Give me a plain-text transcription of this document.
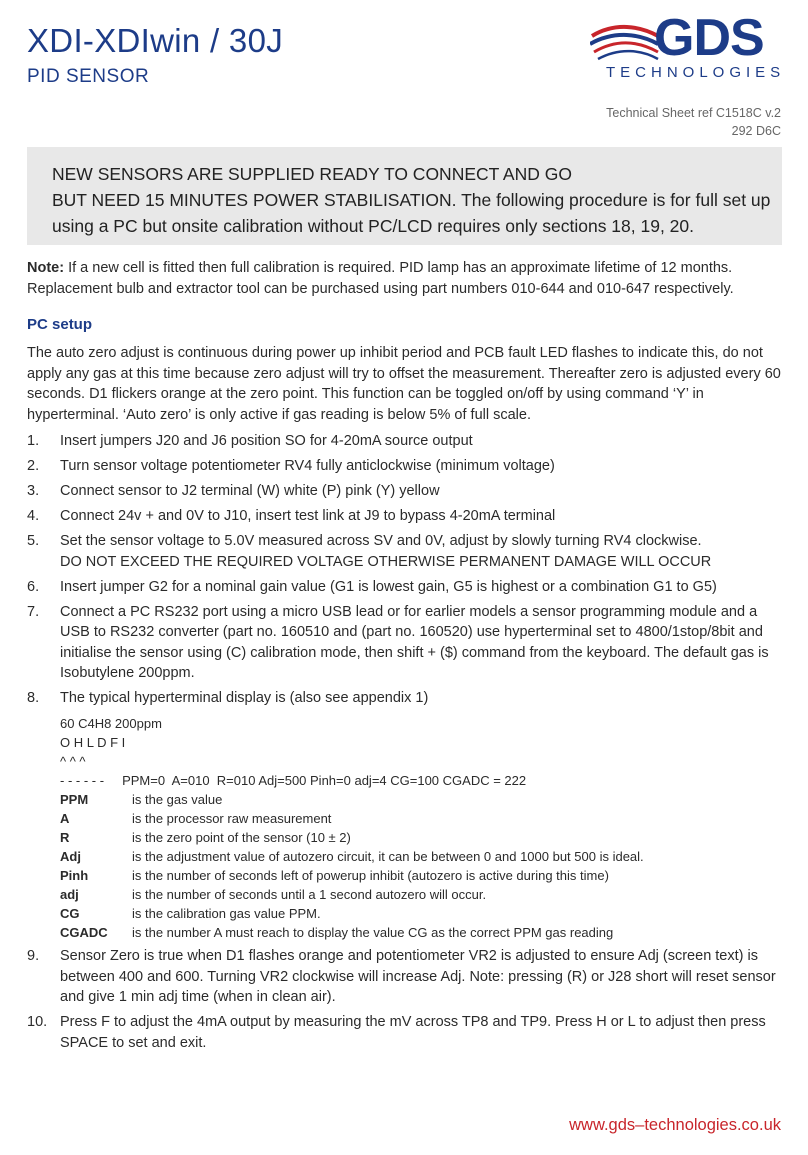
XDI-XDIwin / 30J
PID SENSOR
GDS
TECHNOLOGIES
Technical Sheet ref C1518C v.2
292 D6C
NEW SENSORS ARE SUPPLIED READY TO CONNECT AND GO
BUT NEED 15 MINUTES POWER STABILISATION. The following procedure is for full set up
using a PC but onsite calibration without PC/LCD requires only sections 18, 19, 20.
Note: If a new cell is fitted then full calibration is required. PID lamp has an approximate lifetime of 12 months. Replacement bulb and extractor tool can be purchased using part numbers 010-644 and 010-647 respectively.
PC setup
The auto zero adjust is continuous during power up inhibit period and PCB fault LED flashes to indicate this, do not apply any gas at this time because zero adjust will try to offset the measurement. Thereafter zero is adjusted every 60 seconds. D1 flickers orange at the zero point. This function can be toggled on/off by using command ‘Y’ in hyperterminal. ‘Auto zero’ is only active if gas reading is below 5% of full scale.
1. Insert jumpers J20 and J6 position SO for 4-20mA source output
2. Turn sensor voltage potentiometer RV4 fully anticlockwise (minimum voltage)
3. Connect sensor to J2 terminal (W) white (P) pink (Y) yellow
4. Connect 24v + and 0V to J10, insert test link at J9 to bypass 4-20mA terminal
5. Set the sensor voltage to 5.0V measured across SV and 0V, adjust by slowly turning RV4 clockwise.
DO NOT EXCEED THE REQUIRED VOLTAGE OTHERWISE PERMANENT DAMAGE WILL OCCUR
6. Insert jumper G2 for a nominal gain value (G1 is lowest gain, G5 is highest or a combination G1 to G5)
7. Connect a PC RS232 port using a micro USB lead or for earlier models a sensor programming module and a USB to RS232 converter (part no. 160510 and (part no. 160520) use hyperterminal set to 4800/1stop/8bit and initialise the sensor using (C) calibration mode, then shift + ($) command from the keyboard. The default gas is Isobutylene 200ppm.
8. The typical hyperterminal display is (also see appendix 1)
60 C4H8 200ppm
O H L D F I
^ ^ ^
- - - - - -     PPM=0  A=010  R=010 Adj=500 Pinh=0 adj=4 CG=100 CGADC = 222
PPM	is the gas value
A	is the processor raw measurement
R	is the zero point of the sensor (10 ± 2)
Adj	is the adjustment value of autozero circuit, it can be between 0 and 1000 but 500 is ideal.
Pinh	is the number of seconds left of powerup inhibit (autozero is active during this time)
adj	is the number of seconds until a 1 second autozero will occur.
CG	is the calibration gas value PPM.
CGADC	is the number A must reach to display the value CG as the correct PPM gas reading
9. Sensor Zero is true when D1 flashes orange and potentiometer VR2 is adjusted to ensure Adj (screen text) is between 400 and 600. Turning VR2 clockwise will increase Adj. Note: pressing (R) or J28 short will reset sensor and give 1 min adj time (when in clean air).
10. Press F to adjust the 4mA output by measuring the mV across TP8 and TP9. Press H or L to adjust then press SPACE to set and exit.
www.gds–technologies.co.uk
